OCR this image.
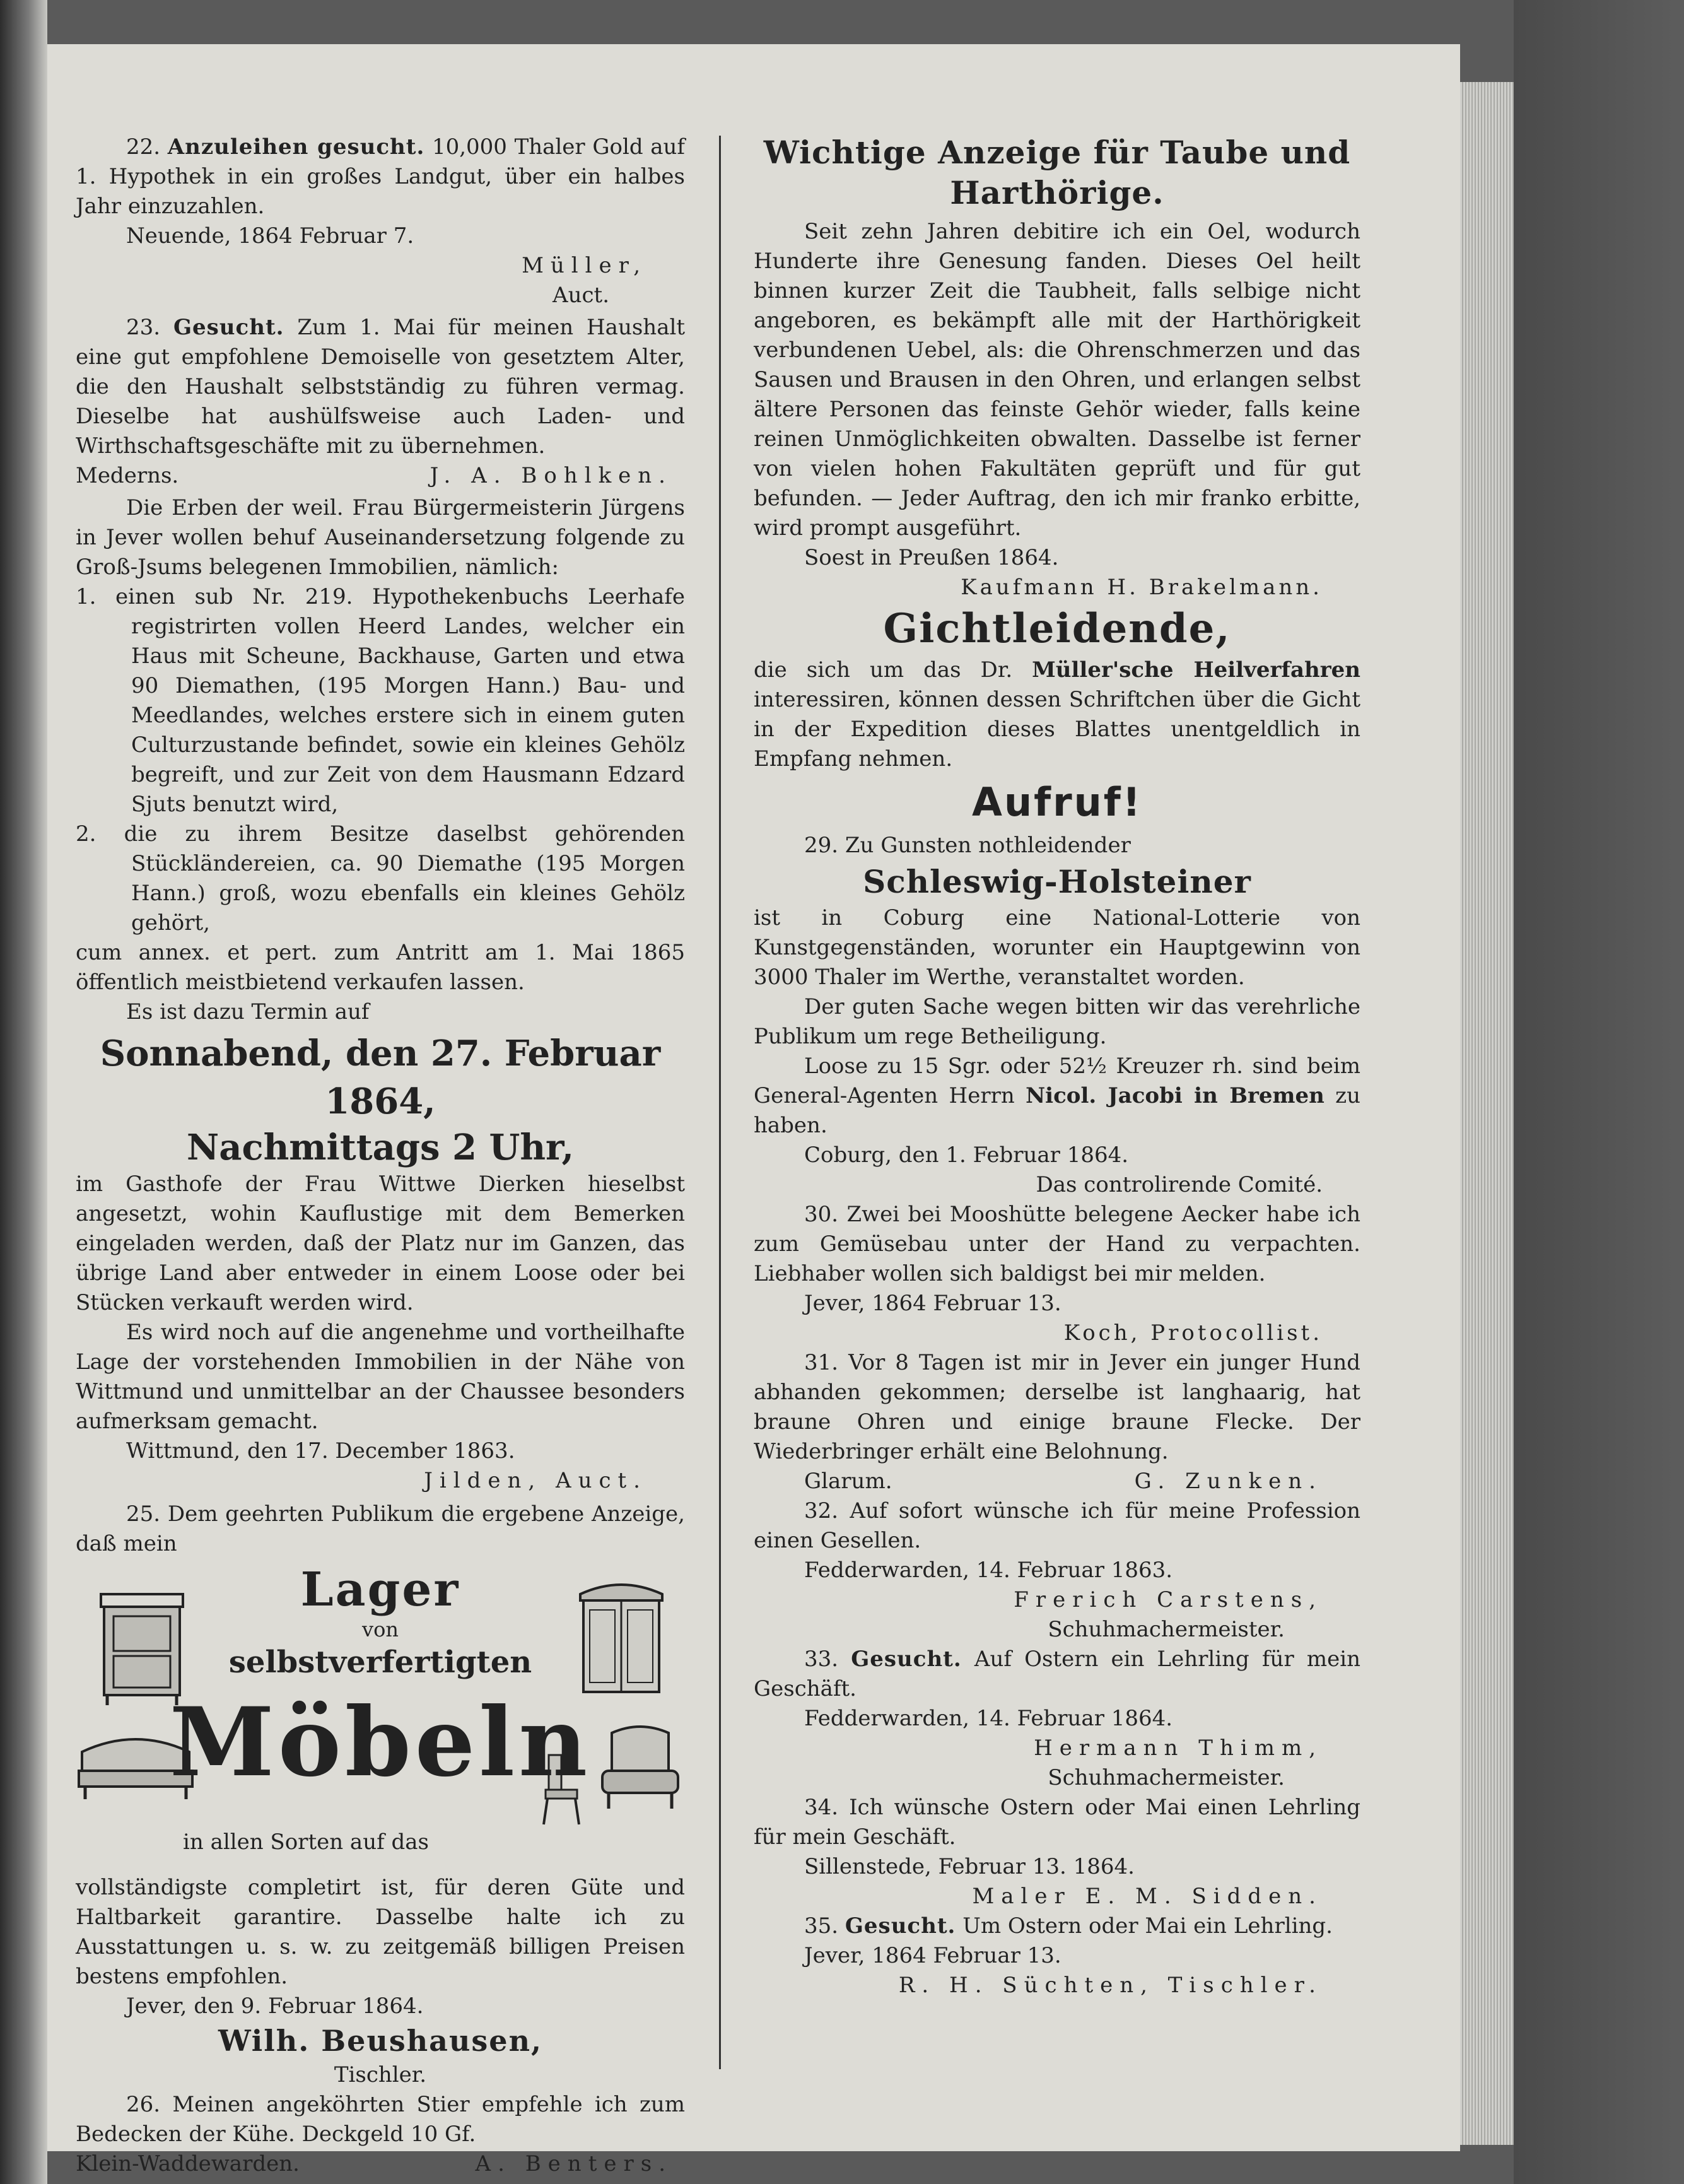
22. Anzuleihen gesucht. 10,000 Thaler Gold auf 1. Hypothek in ein großes Landgut, über ein halbes Jahr einzuzahlen.

Neuende, 1864 Februar 7.

Müller,

Auct.

23. Gesucht. Zum 1. Mai für meinen Haushalt eine gut empfohlene Demoiselle von gesetztem Alter, die den Haushalt selbstständig zu führen vermag. Dieselbe hat aushülfsweise auch Laden- und Wirthschaftsgeschäfte mit zu übernehmen.

Mederns.	J. A. Bohlken.

Die Erben der weil. Frau Bürgermeisterin Jürgens in Jever wollen behuf Auseinandersetzung folgende zu Groß-Jsums belegenen Immobilien, nämlich:

1. einen sub Nr. 219. Hypothekenbuchs Leerhafe registrirten vollen Heerd Landes, welcher ein Haus mit Scheune, Backhause, Garten und etwa 90 Diemathen, (195 Morgen Hann.) Bau- und Meedlandes, welches erstere sich in einem guten Culturzustande befindet, sowie ein kleines Gehölz begreift, und zur Zeit von dem Hausmann Edzard Sjuts benutzt wird,

2. die zu ihrem Besitze daselbst gehörenden Stückländereien, ca. 90 Diemathe (195 Morgen Hann.) groß, wozu ebenfalls ein kleines Gehölz gehört,

cum annex. et pert. zum Antritt am 1. Mai 1865 öffentlich meistbietend verkaufen lassen.

Es ist dazu Termin auf

Sonnabend, den 27. Februar 1864,

Nachmittags 2 Uhr,

im Gasthofe der Frau Wittwe Dierken hieselbst angesetzt, wohin Kauflustige mit dem Bemerken eingeladen werden, daß der Platz nur im Ganzen, das übrige Land aber entweder in einem Loose oder bei Stücken verkauft werden wird.

Es wird noch auf die angenehme und vortheilhafte Lage der vorstehenden Immobilien in der Nähe von Wittmund und unmittelbar an der Chaussee besonders aufmerksam gemacht.

Wittmund, den 17. December 1863.

Jilden, Auct.

25. Dem geehrten Publikum die ergebene Anzeige, daß mein

Lager
von
selbstverfertigten
Möbeln
in allen Sorten auf das

vollständigste completirt ist, für deren Güte und Haltbarkeit garantire. Dasselbe halte ich zu Ausstattungen u. s. w. zu zeitgemäß billigen Preisen bestens empfohlen.

Jever, den 9. Februar 1864.

Wilh. Beushausen,

Tischler.

26. Meinen angeköhrten Stier empfehle ich zum Bedecken der Kühe. Deckgeld 10 Gf.

Klein-Waddewarden.	A. Benters.

Wichtige Anzeige für Taube und Harthörige.

Seit zehn Jahren debitire ich ein Oel, wodurch Hunderte ihre Genesung fanden. Dieses Oel heilt binnen kurzer Zeit die Taubheit, falls selbige nicht angeboren, es bekämpft alle mit der Harthörigkeit verbundenen Uebel, als: die Ohrenschmerzen und das Sausen und Brausen in den Ohren, und erlangen selbst ältere Personen das feinste Gehör wieder, falls keine reinen Unmöglichkeiten obwalten. Dasselbe ist ferner von vielen hohen Fakultäten geprüft und für gut befunden. — Jeder Auftrag, den ich mir franko erbitte, wird prompt ausgeführt.

Soest in Preußen 1864.

Kaufmann H. Brakelmann.

Gichtleidende,

die sich um das Dr. Müller'sche Heilverfahren interessiren, können dessen Schriftchen über die Gicht in der Expedition dieses Blattes unentgeldlich in Empfang nehmen.

Aufruf!

29. Zu Gunsten nothleidender

Schleswig-Holsteiner

ist in Coburg eine National-Lotterie von Kunstgegenständen, worunter ein Hauptgewinn von 3000 Thaler im Werthe, veranstaltet worden.

Der guten Sache wegen bitten wir das verehrliche Publikum um rege Betheiligung.

Loose zu 15 Sgr. oder 52½ Kreuzer rh. sind beim General-Agenten Herrn Nicol. Jacobi in Bremen zu haben.

Coburg, den 1. Februar 1864.

Das controlirende Comité.

30. Zwei bei Mooshütte belegene Aecker habe ich zum Gemüsebau unter der Hand zu verpachten. Liebhaber wollen sich baldigst bei mir melden.

Jever, 1864 Februar 13.

Koch, Protocollist.

31. Vor 8 Tagen ist mir in Jever ein junger Hund abhanden gekommen; derselbe ist langhaarig, hat braune Ohren und einige braune Flecke. Der Wiederbringer erhält eine Belohnung.

Glarum.	G. Zunken.

32. Auf sofort wünsche ich für meine Profession einen Gesellen.

Fedderwarden, 14. Februar 1863.

Frerich Carstens,

Schuhmachermeister.

33. Gesucht. Auf Ostern ein Lehrling für mein Geschäft.

Fedderwarden, 14. Februar 1864.

Hermann Thimm,

Schuhmachermeister.

34. Ich wünsche Ostern oder Mai einen Lehrling für mein Geschäft.

Sillenstede, Februar 13. 1864.

Maler E. M. Sidden.

35. Gesucht. Um Ostern oder Mai ein Lehrling.

Jever, 1864 Februar 13.

R. H. Süchten, Tischler.
